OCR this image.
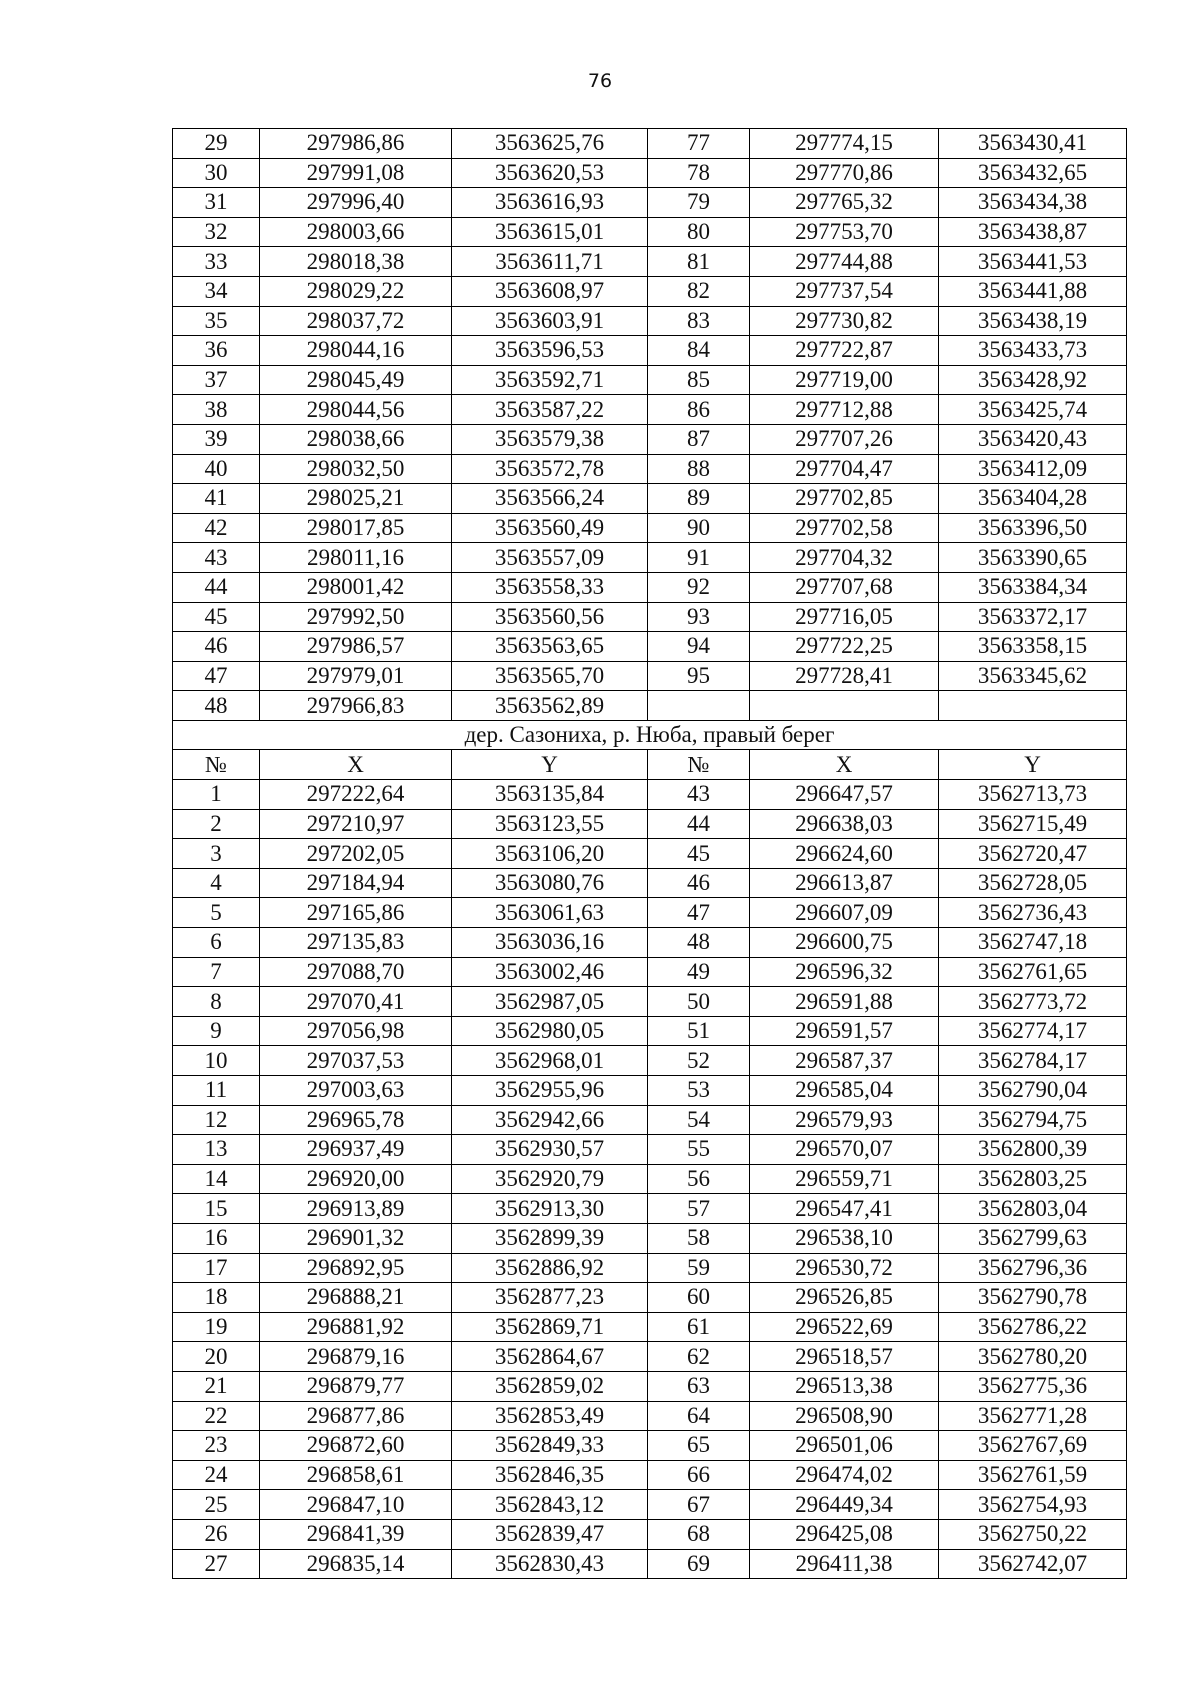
76
29	297986,86	3563625,76	77	297774,15	3563430,41
30	297991,08	3563620,53	78	297770,86	3563432,65
31	297996,40	3563616,93	79	297765,32	3563434,38
32	298003,66	3563615,01	80	297753,70	3563438,87
33	298018,38	3563611,71	81	297744,88	3563441,53
34	298029,22	3563608,97	82	297737,54	3563441,88
35	298037,72	3563603,91	83	297730,82	3563438,19
36	298044,16	3563596,53	84	297722,87	3563433,73
37	298045,49	3563592,71	85	297719,00	3563428,92
38	298044,56	3563587,22	86	297712,88	3563425,74
39	298038,66	3563579,38	87	297707,26	3563420,43
40	298032,50	3563572,78	88	297704,47	3563412,09
41	298025,21	3563566,24	89	297702,85	3563404,28
42	298017,85	3563560,49	90	297702,58	3563396,50
43	298011,16	3563557,09	91	297704,32	3563390,65
44	298001,42	3563558,33	92	297707,68	3563384,34
45	297992,50	3563560,56	93	297716,05	3563372,17
46	297986,57	3563563,65	94	297722,25	3563358,15
47	297979,01	3563565,70	95	297728,41	3563345,62
48	297966,83	3563562,89			
дер. Сазониха, р. Нюба, правый берег					
№	X	Y	№	X	Y
1	297222,64	3563135,84	43	296647,57	3562713,73
2	297210,97	3563123,55	44	296638,03	3562715,49
3	297202,05	3563106,20	45	296624,60	3562720,47
4	297184,94	3563080,76	46	296613,87	3562728,05
5	297165,86	3563061,63	47	296607,09	3562736,43
6	297135,83	3563036,16	48	296600,75	3562747,18
7	297088,70	3563002,46	49	296596,32	3562761,65
8	297070,41	3562987,05	50	296591,88	3562773,72
9	297056,98	3562980,05	51	296591,57	3562774,17
10	297037,53	3562968,01	52	296587,37	3562784,17
11	297003,63	3562955,96	53	296585,04	3562790,04
12	296965,78	3562942,66	54	296579,93	3562794,75
13	296937,49	3562930,57	55	296570,07	3562800,39
14	296920,00	3562920,79	56	296559,71	3562803,25
15	296913,89	3562913,30	57	296547,41	3562803,04
16	296901,32	3562899,39	58	296538,10	3562799,63
17	296892,95	3562886,92	59	296530,72	3562796,36
18	296888,21	3562877,23	60	296526,85	3562790,78
19	296881,92	3562869,71	61	296522,69	3562786,22
20	296879,16	3562864,67	62	296518,57	3562780,20
21	296879,77	3562859,02	63	296513,38	3562775,36
22	296877,86	3562853,49	64	296508,90	3562771,28
23	296872,60	3562849,33	65	296501,06	3562767,69
24	296858,61	3562846,35	66	296474,02	3562761,59
25	296847,10	3562843,12	67	296449,34	3562754,93
26	296841,39	3562839,47	68	296425,08	3562750,22
27	296835,14	3562830,43	69	296411,38	3562742,07
